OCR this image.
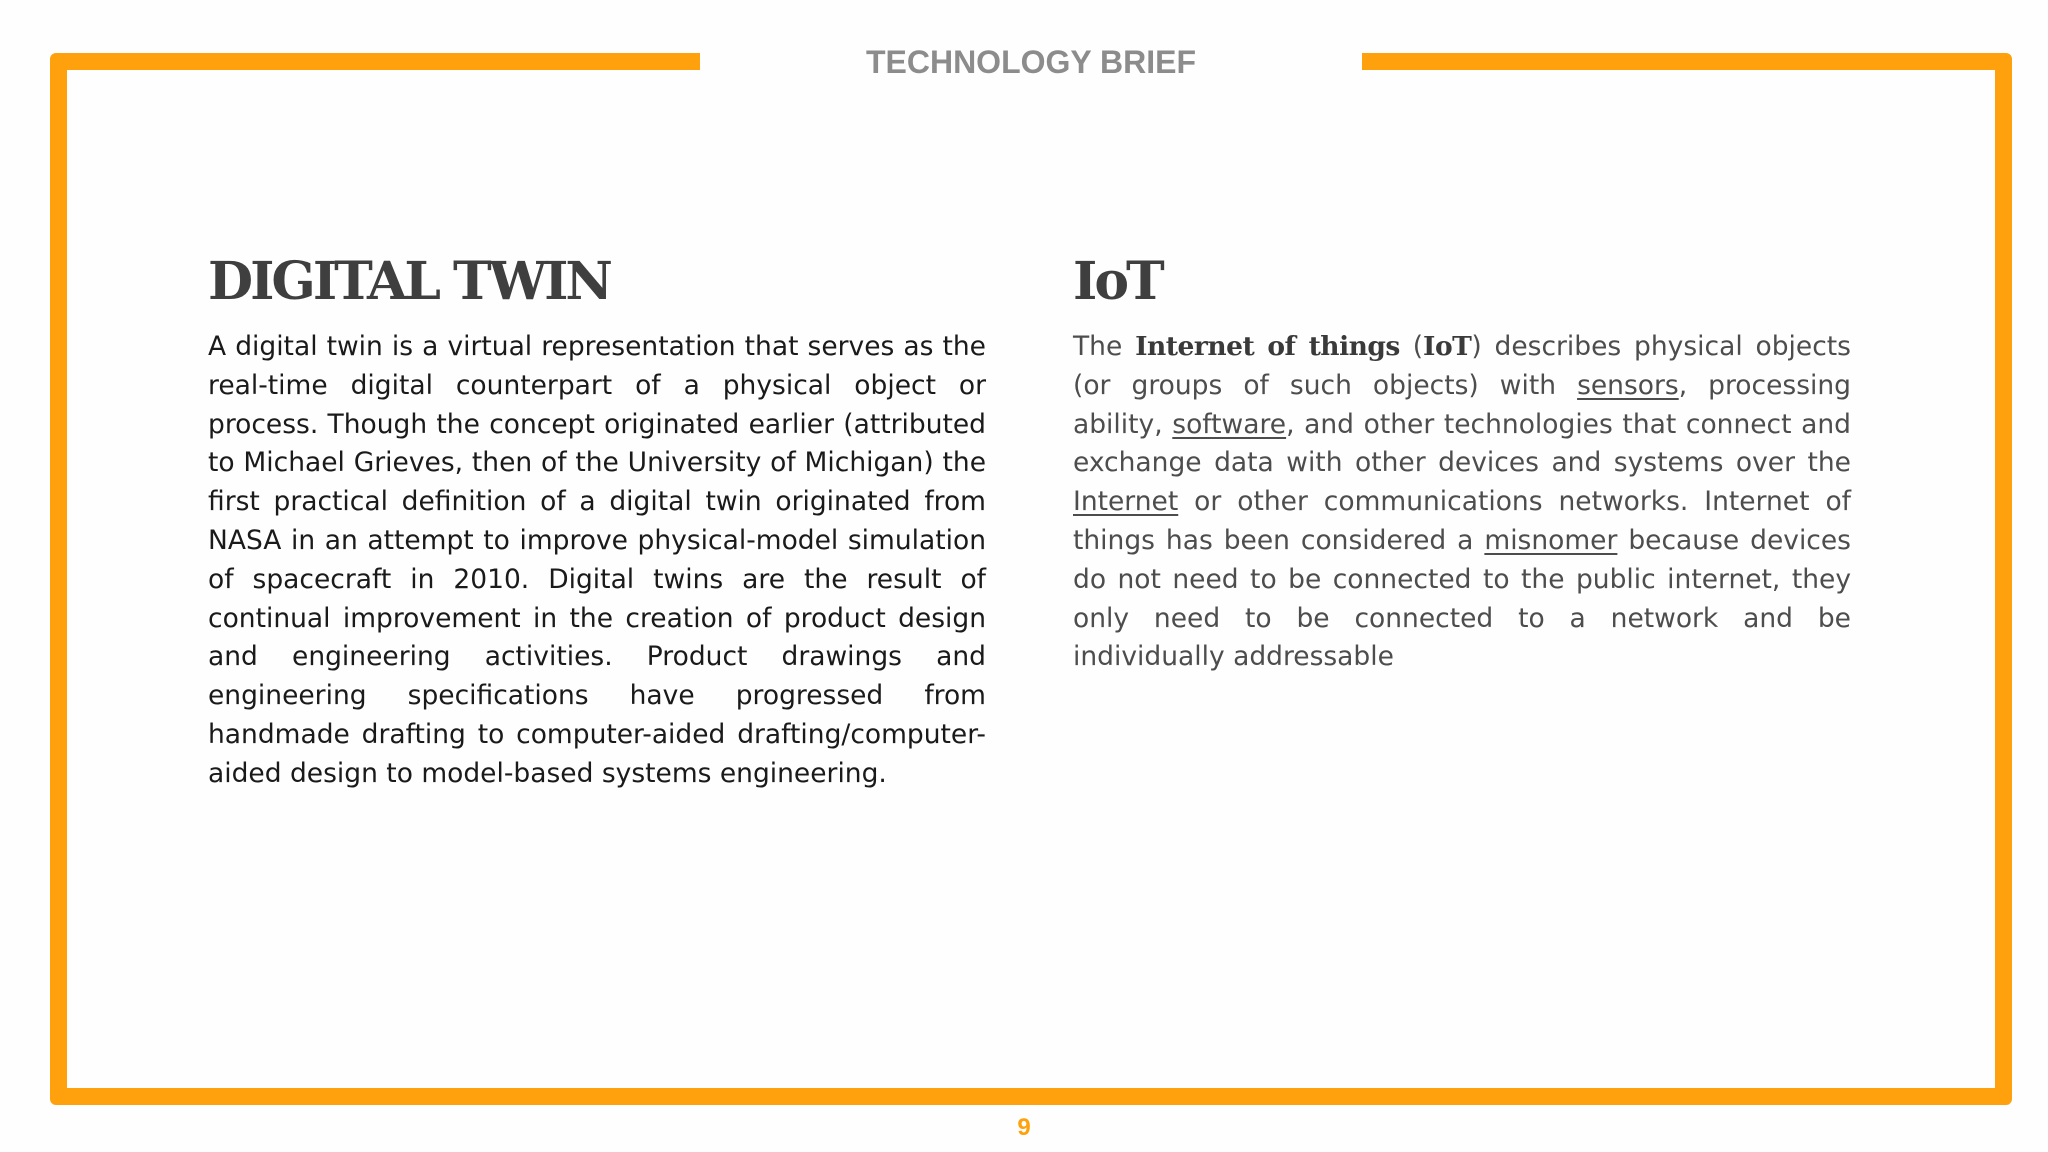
TECHNOLOGY BRIEF
DIGITAL TWIN

A digital twin is a virtual representation that serves as the real-time digital counterpart of a physical object or process. Though the concept originated earlier (attributed to Michael Grieves, then of the University of Michigan) the first practical definition of a digital twin originated from NASA in an attempt to improve physical-model simulation of spacecraft in 2010. Digital twins are the result of continual improvement in the creation of product design and engineering activities. Product drawings and engineering specifications have progressed from handmade drafting to computer-aided drafting/computer-aided design to model-based systems engineering.

IoT

The Internet of things (IoT) describes physical objects (or groups of such objects) with sensors, processing ability, software, and other technologies that connect and exchange data with other devices and systems over the Internet or other communications networks. Internet of things has been considered a misnomer because devices do not need to be connected to the public internet, they only need to be connected to a network and be individually addressable

9
